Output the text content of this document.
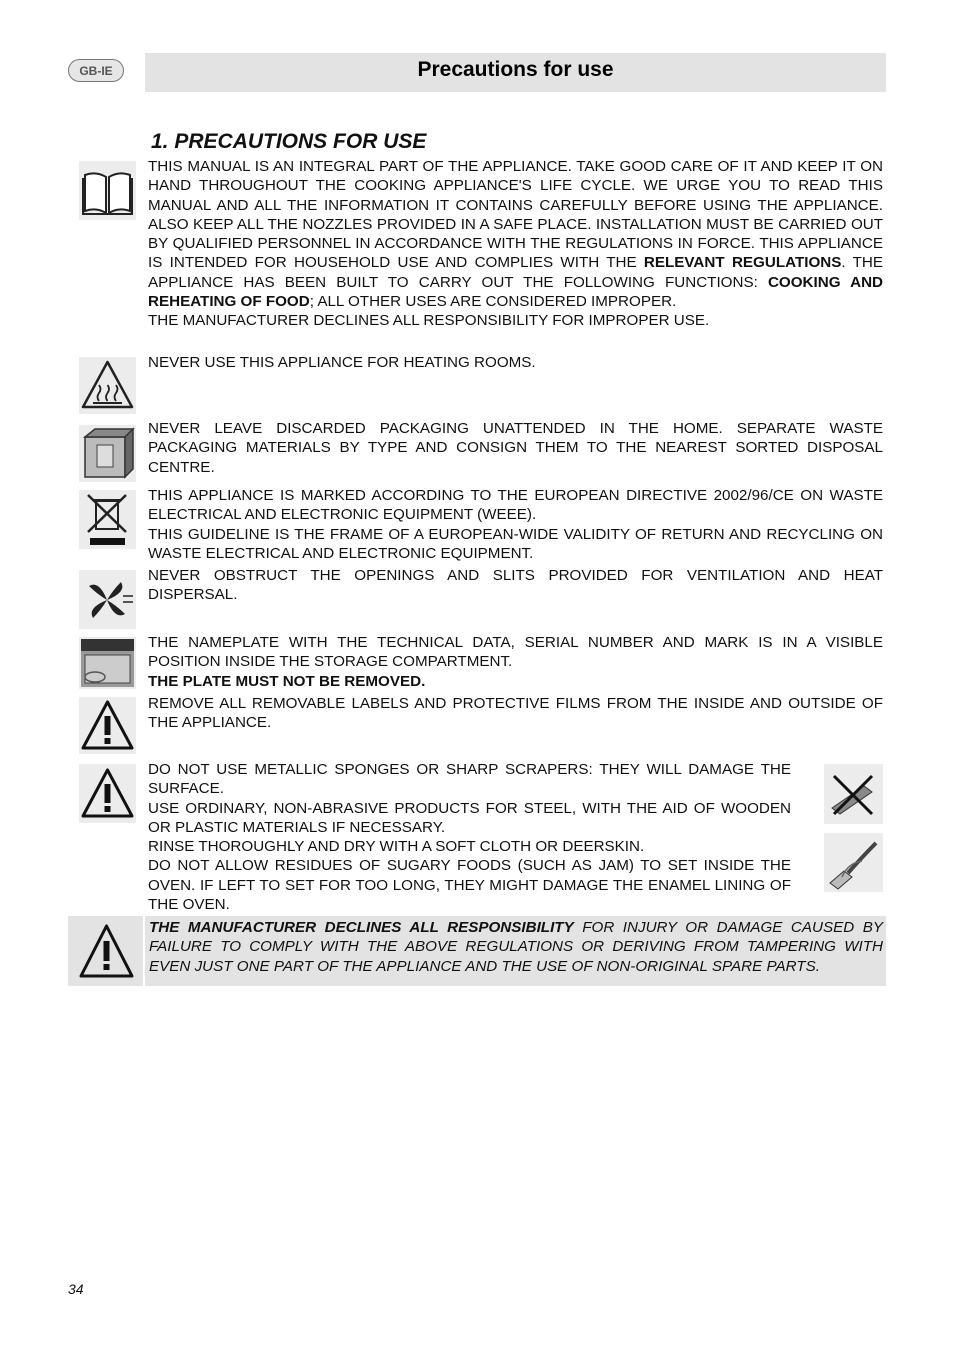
GB-IE	Precautions for use
1. PRECAUTIONS FOR USE

THIS MANUAL IS AN INTEGRAL PART OF THE APPLIANCE. TAKE GOOD CARE OF IT AND KEEP IT ON HAND THROUGHOUT THE COOKING APPLIANCE'S LIFE CYCLE. WE URGE YOU TO READ THIS MANUAL AND ALL THE INFORMATION IT CONTAINS CAREFULLY BEFORE USING THE APPLIANCE. ALSO KEEP ALL THE NOZZLES PROVIDED IN A SAFE PLACE. INSTALLATION MUST BE CARRIED OUT BY QUALIFIED PERSONNEL IN ACCORDANCE WITH THE REGULATIONS IN FORCE. THIS APPLIANCE IS INTENDED FOR HOUSEHOLD USE AND COMPLIES WITH THE RELEVANT REGULATIONS. THE APPLIANCE HAS BEEN BUILT TO CARRY OUT THE FOLLOWING FUNCTIONS: COOKING AND REHEATING OF FOOD; ALL OTHER USES ARE CONSIDERED IMPROPER.

THE MANUFACTURER DECLINES ALL RESPONSIBILITY FOR IMPROPER USE.

NEVER USE THIS APPLIANCE FOR HEATING ROOMS.

NEVER LEAVE DISCARDED PACKAGING UNATTENDED IN THE HOME. SEPARATE WASTE PACKAGING MATERIALS BY TYPE AND CONSIGN THEM TO THE NEAREST SORTED DISPOSAL CENTRE.

THIS APPLIANCE IS MARKED ACCORDING TO THE EUROPEAN DIRECTIVE 2002/96/CE ON WASTE ELECTRICAL AND ELECTRONIC EQUIPMENT (WEEE).

THIS GUIDELINE IS THE FRAME OF A EUROPEAN-WIDE VALIDITY OF RETURN AND RECYCLING ON WASTE ELECTRICAL AND ELECTRONIC EQUIPMENT.

NEVER OBSTRUCT THE OPENINGS AND SLITS PROVIDED FOR VENTILATION AND HEAT DISPERSAL.

THE NAMEPLATE WITH THE TECHNICAL DATA, SERIAL NUMBER AND MARK IS IN A VISIBLE POSITION INSIDE THE STORAGE COMPARTMENT.

THE PLATE MUST NOT BE REMOVED.

REMOVE ALL REMOVABLE LABELS AND PROTECTIVE FILMS FROM THE INSIDE AND OUTSIDE OF THE APPLIANCE.

DO NOT USE METALLIC SPONGES OR SHARP SCRAPERS: THEY WILL DAMAGE THE SURFACE.

USE ORDINARY, NON-ABRASIVE PRODUCTS FOR STEEL, WITH THE AID OF WOODEN OR PLASTIC MATERIALS IF NECESSARY.

RINSE THOROUGHLY AND DRY WITH A SOFT CLOTH OR DEERSKIN.

DO NOT ALLOW RESIDUES OF SUGARY FOODS (SUCH AS JAM) TO SET INSIDE THE OVEN. IF LEFT TO SET FOR TOO LONG, THEY MIGHT DAMAGE THE ENAMEL LINING OF THE OVEN.

THE MANUFACTURER DECLINES ALL RESPONSIBILITY FOR INJURY OR DAMAGE CAUSED BY FAILURE TO COMPLY WITH THE ABOVE REGULATIONS OR DERIVING FROM TAMPERING WITH EVEN JUST ONE PART OF THE APPLIANCE AND THE USE OF NON-ORIGINAL SPARE PARTS.

34
